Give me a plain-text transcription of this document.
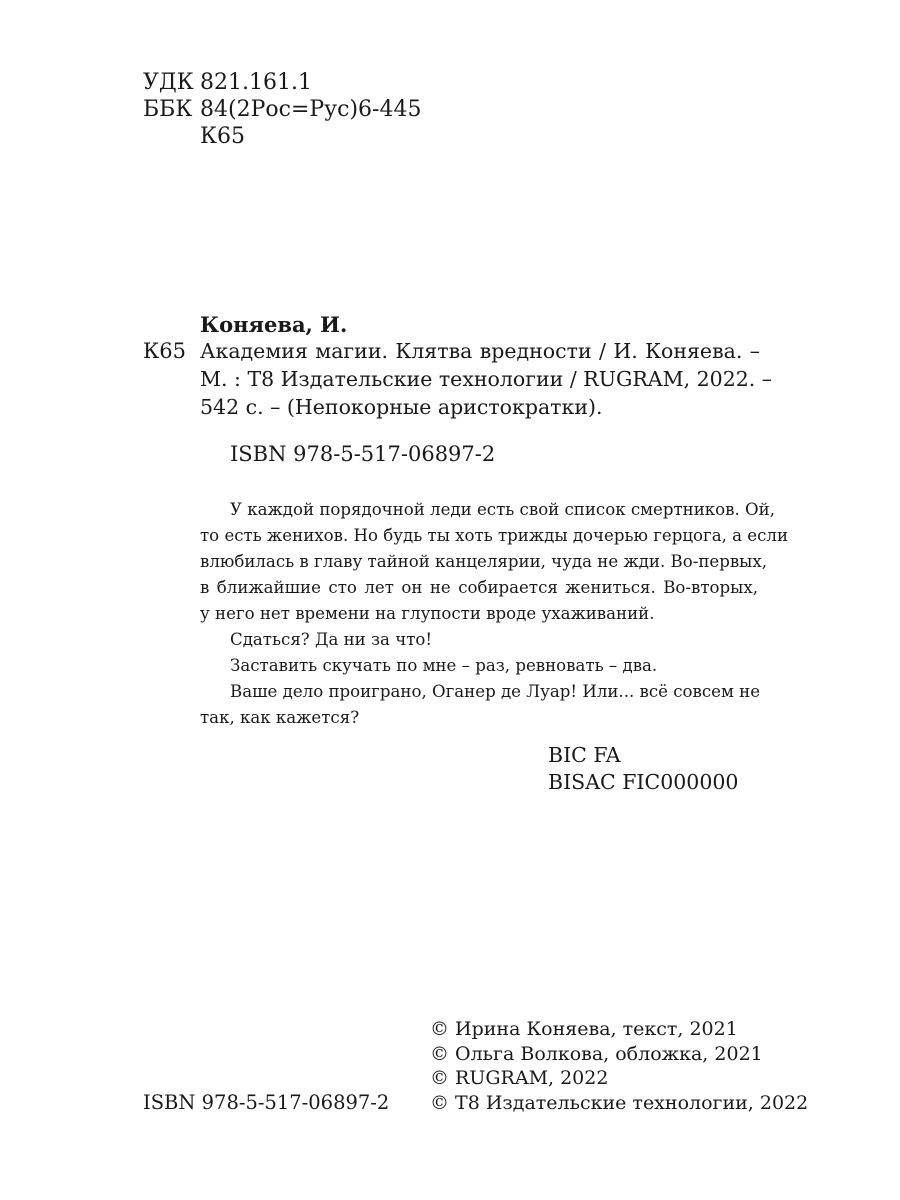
УДК 821.161.1
ББК 84(2Рос=Рус)6-445
К65
Коняева, И.
К65 Академия магии. Клятва вредности / И. Коняева. –
М. : Т8 Издательские технологии / RUGRAM, 2022. –
542 с. – (Непокорные аристократки).
ISBN 978-5-517-06897-2
У каждой порядочной леди есть свой список смертников. Ой,
то есть женихов. Но будь ты хоть трижды дочерью герцога, а если
влюбилась в главу тайной канцелярии, чуда не жди. Во-первых,
в ближайшие сто лет он не собирается жениться. Во-вторых,
у него нет времени на глупости вроде ухаживаний.
Сдаться? Да ни за что!
Заставить скучать по мне – раз, ревновать – два.
Ваше дело проиграно, Оганер де Луар! Или... всё совсем не
так, как кажется?
BIC FA
BISAC FIC000000
© Ирина Коняева, текст, 2021
© Ольга Волкова, обложка, 2021
© RUGRAM, 2022
© Т8 Издательские технологии, 2022
ISBN 978-5-517-06897-2
